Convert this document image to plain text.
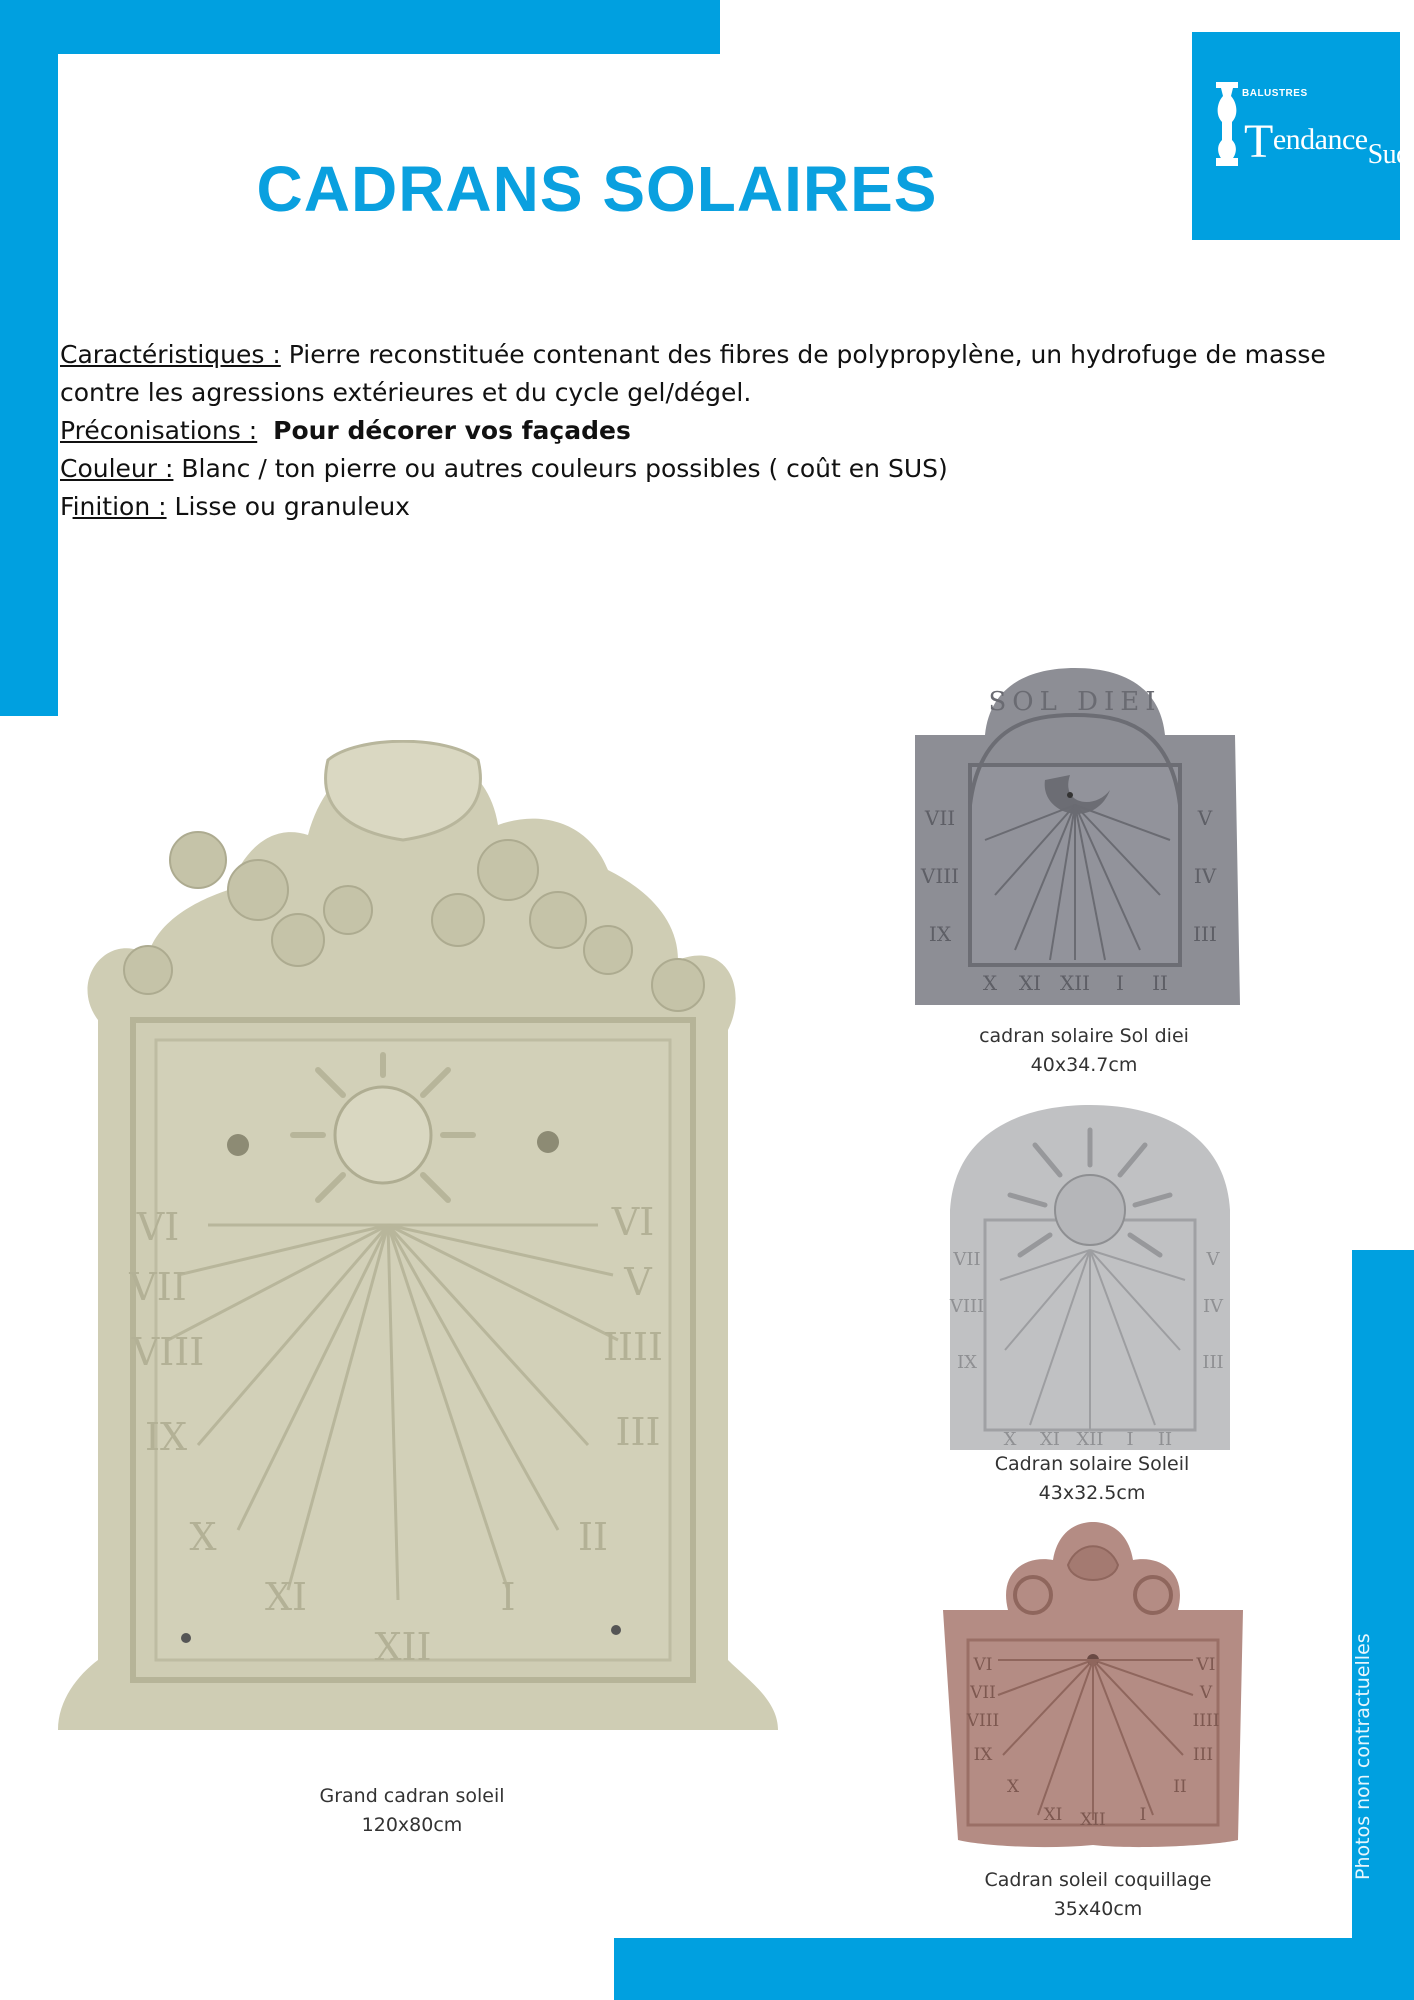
BALUSTRES
TendanceSud
CADRANS SOLAIRES

Caractéristiques : Pierre reconstituée contenant des fibres de polypropylène, un hydrofuge de masse contre les agressions extérieures et du cycle gel/dégel.

Préconisations : Pour décorer vos façades

Couleur : Blanc / ton pierre ou autres couleurs possibles ( coût en SUS)

Finition : Lisse ou granuleux

VI
VII
VIII
IX
X
XI
XII
I
II
III
IIII
V
VI
Grand cadran soleil
120x80cm
SOL DIEI
VII
VIII
IX
X XI XII I II
III
IV
V
cadran solaire Sol diei
40x34.7cm
VII
VIII
IX
X XI XII I II
III
IV
V
Cadran solaire Soleil
43x32.5cm
VI
VII
VIII
IX
X
XI XII I
II
III
IIII
V
VI
Cadran soleil coquillage
35x40cm
Photos non contractuelles
